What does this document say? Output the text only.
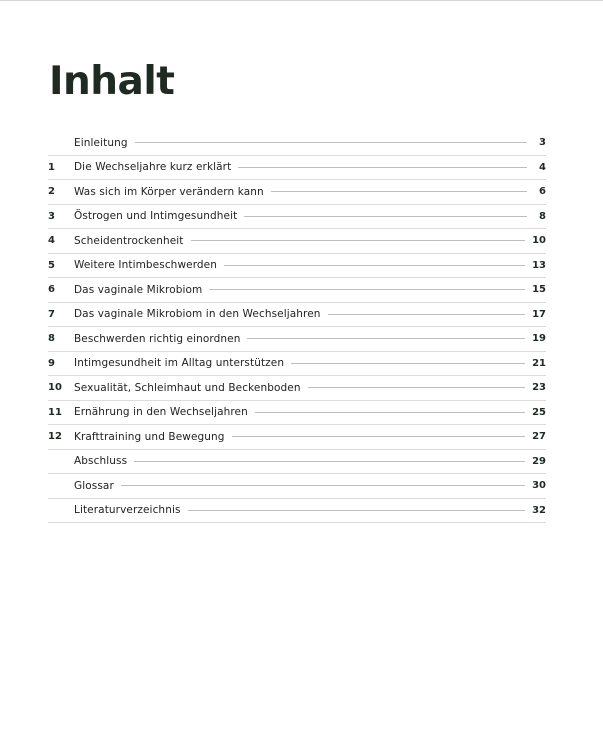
Inhalt
Einleitung	3
1	Die Wechseljahre kurz erklärt	4
2	Was sich im Körper verändern kann	6
3	Östrogen und Intimgesundheit	8
4	Scheidentrockenheit	10
5	Weitere Intimbeschwerden	13
6	Das vaginale Mikrobiom	15
7	Das vaginale Mikrobiom in den Wechseljahren	17
8	Beschwerden richtig einordnen	19
9	Intimgesundheit im Alltag unterstützen	21
10	Sexualität, Schleimhaut und Beckenboden	23
11	Ernährung in den Wechseljahren	25
12	Krafttraining und Bewegung	27
Abschluss	29
Glossar	30
Literaturverzeichnis	32
